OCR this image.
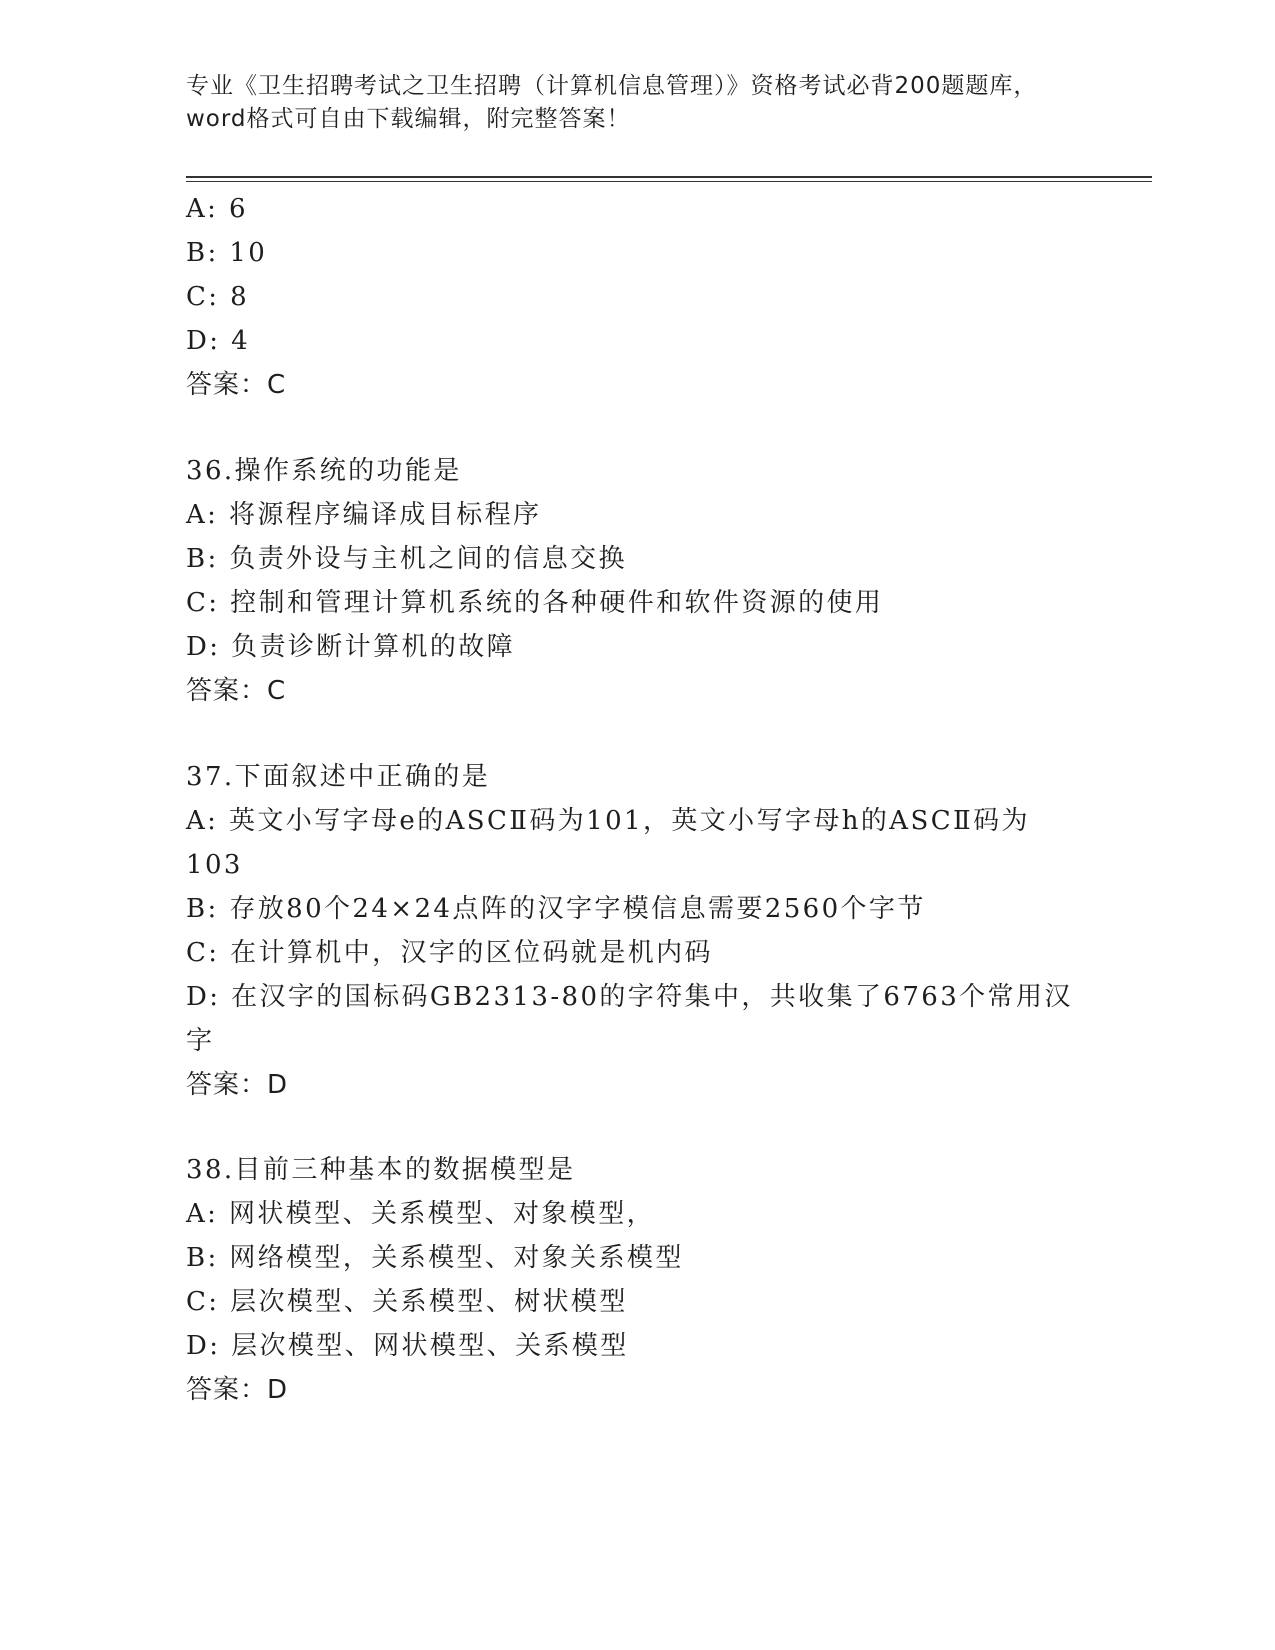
专业《卫生招聘考试之卫生招聘（计算机信息管理）》资格考试必背200题题库，
word格式可自由下载编辑，附完整答案！
A: 6
B: 10
C: 8
D: 4
答案：C
36.操作系统的功能是
A: 将源程序编译成目标程序
B: 负责外设与主机之间的信息交换
C: 控制和管理计算机系统的各种硬件和软件资源的使用
D: 负责诊断计算机的故障
答案：C
37.下面叙述中正确的是
A: 英文小写字母e的ASCⅡ码为101，英文小写字母h的ASCⅡ码为
103
B: 存放80个24×24点阵的汉字字模信息需要2560个字节
C: 在计算机中，汉字的区位码就是机内码
D: 在汉字的国标码GB2313-80的字符集中，共收集了6763个常用汉
字
答案：D
38.目前三种基本的数据模型是
A: 网状模型、关系模型、对象模型，
B: 网络模型，关系模型、对象关系模型
C: 层次模型、关系模型、树状模型
D: 层次模型、网状模型、关系模型
答案：D
